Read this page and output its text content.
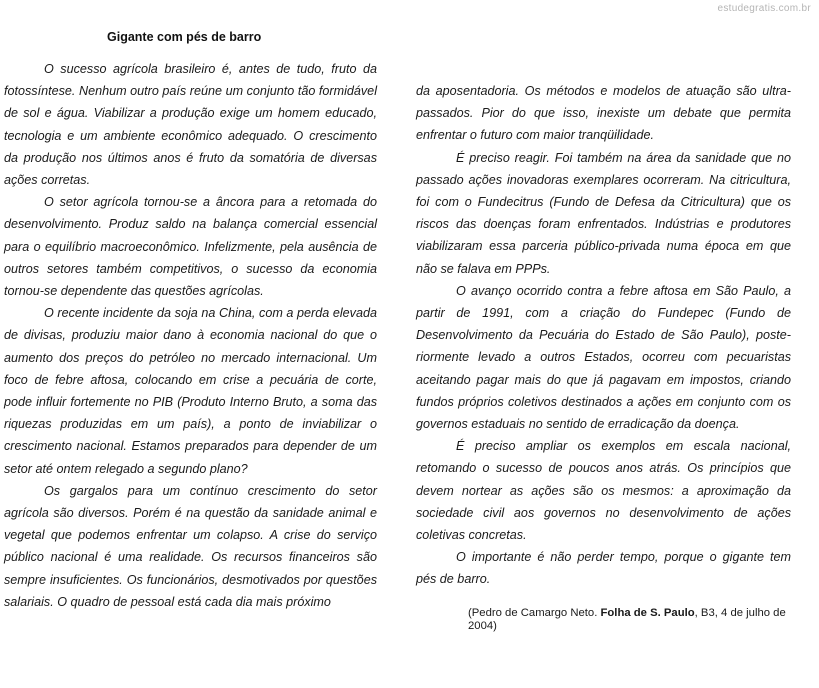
estudegratis.com.br
Gigante com pés de barro

O sucesso agrícola brasileiro é, antes de tudo, fruto da fotossíntese. Nenhum outro país reúne um conjunto tão formidável de sol e água. Viabilizar a produção exige um homem educado, tecnologia e um ambiente econômico adequado. O crescimento da produção nos últimos anos é fruto da somatória de diversas ações corretas.

O setor agrícola tornou-se a âncora para a retomada do desenvolvimento. Produz saldo na balança comercial essencial para o equilíbrio macroeconômico. Infelizmente, pela ausência de outros setores também competitivos, o sucesso da economia tornou-se dependente das questões agrícolas.

O recente incidente da soja na China, com a perda elevada de divisas, produziu maior dano à economia nacional do que o aumento dos preços do petróleo no mercado internacional. Um foco de febre aftosa, colocando em crise a pecuária de corte, pode influir fortemente no PIB (Produto Interno Bruto, a soma das riquezas produzidas em um país), a ponto de inviabilizar o crescimento nacional. Estamos preparados para depender de um setor até ontem relegado a segundo plano?

Os gargalos para um contínuo crescimento do setor agrícola são diversos. Porém é na questão da sanidade animal e vegetal que podemos enfrentar um colapso. A crise do serviço público nacional é uma realidade. Os recursos financeiros são sempre insuficientes. Os funcionários, desmotivados por questões salariais. O quadro de pessoal está cada dia mais próximo

da aposentadoria. Os métodos e modelos de atuação são ultrapassados. Pior do que isso, inexiste um debate que permita enfrentar o futuro com maior tranqüilidade.

É preciso reagir. Foi também na área da sanidade que no passado ações inovadoras exemplares ocorreram. Na citricultura, foi com o Fundecitrus (Fundo de Defesa da Citricultura) que os riscos das doenças foram enfrentados. Indústrias e produtores viabilizaram essa parceria público-privada numa época em que não se falava em PPPs.

O avanço ocorrido contra a febre aftosa em São Paulo, a partir de 1991, com a criação do Fundepec (Fundo de Desenvolvimento da Pecuária do Estado de São Paulo), posteriormente levado a outros Estados, ocorreu com pecuaristas aceitando pagar mais do que já pagavam em impostos, criando fundos próprios coletivos destinados a ações em conjunto com os governos estaduais no sentido de erradicação da doença.

É preciso ampliar os exemplos em escala nacional, retomando o sucesso de poucos anos atrás. Os princípios que devem nortear as ações são os mesmos: a aproximação da sociedade civil aos governos no desenvolvimento de ações coletivas concretas.

O importante é não perder tempo, porque o gigante tem pés de barro.

(Pedro de Camargo Neto. Folha de S. Paulo, B3, 4 de julho de 2004)
